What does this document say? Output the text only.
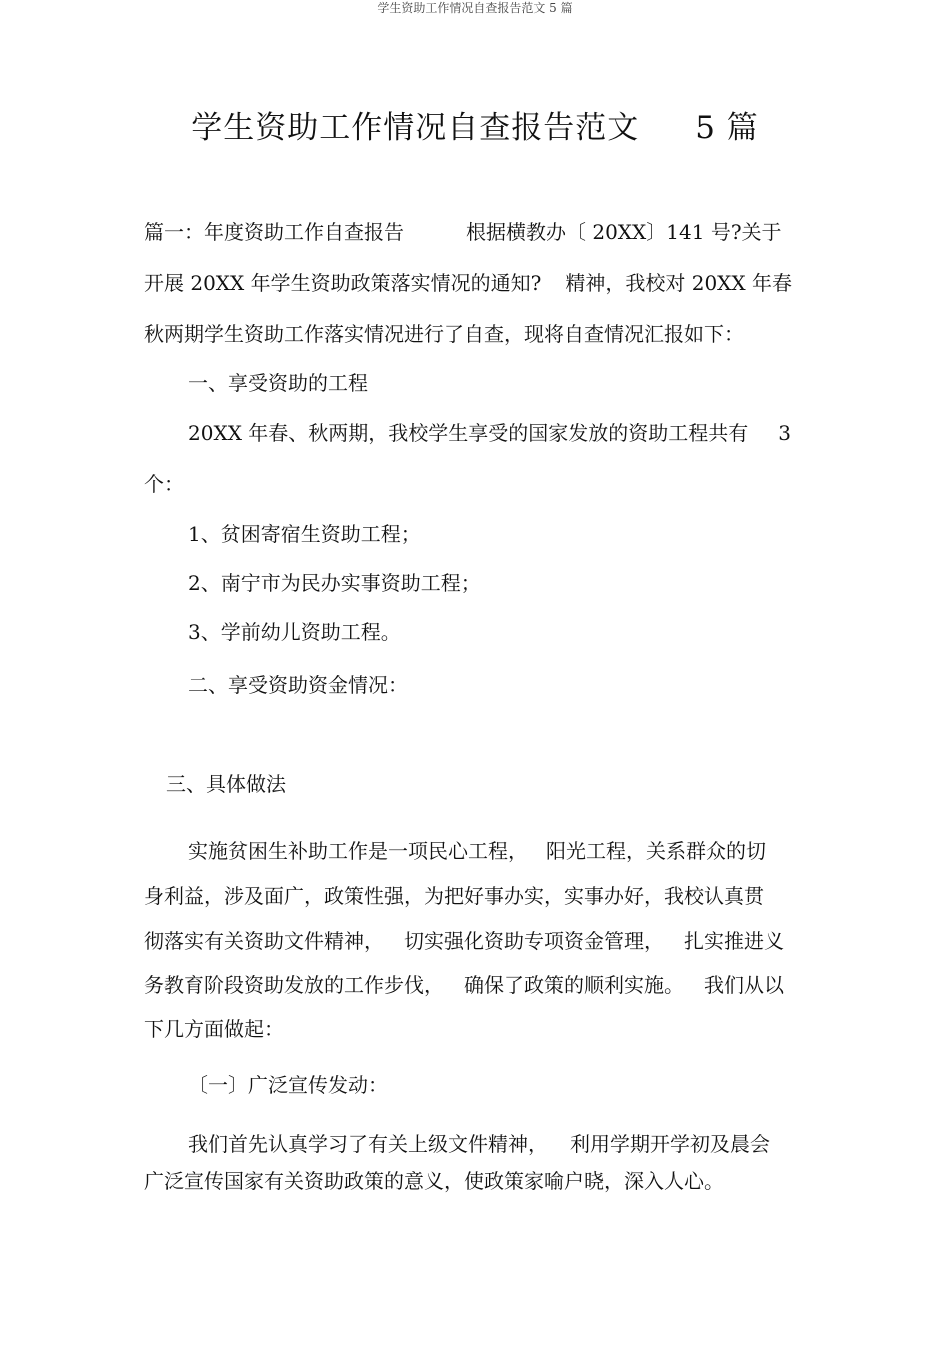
学生资助工作情况自查报告范文 5 篇
学生资助工作情况自查报告范文 5 篇
篇一：年度资助工作自查报告	根据横教办〔 20XX〕141 号?关于
开展 20XX 年学生资助政策落实情况的通知? 精神，我校对 20XX 年春
秋两期学生资助工作落实情况进行了自查，现将自查情况汇报如下：
一、享受资助的工程
20XX 年春、秋两期，我校学生享受的国家发放的资助工程共有 3
个：
1、贫困寄宿生资助工程；
2、南宁市为民办实事资助工程；
3、学前幼儿资助工程。
二、享受资助资金情况：
三、具体做法
实施贫困生补助工作是一项民心工程， 阳光工程，关系群众的切
身利益，涉及面广，政策性强，为把好事办实，实事办好，我校认真贯
彻落实有关资助文件精神， 切实强化资助专项资金管理， 扎实推进义
务教育阶段资助发放的工作步伐， 确保了政策的顺利实施。 我们从以
下几方面做起：
〔一〕广泛宣传发动：
我们首先认真学习了有关上级文件精神， 利用学期开学初及晨会
广泛宣传国家有关资助政策的意义，使政策家喻户晓，深入人心。
